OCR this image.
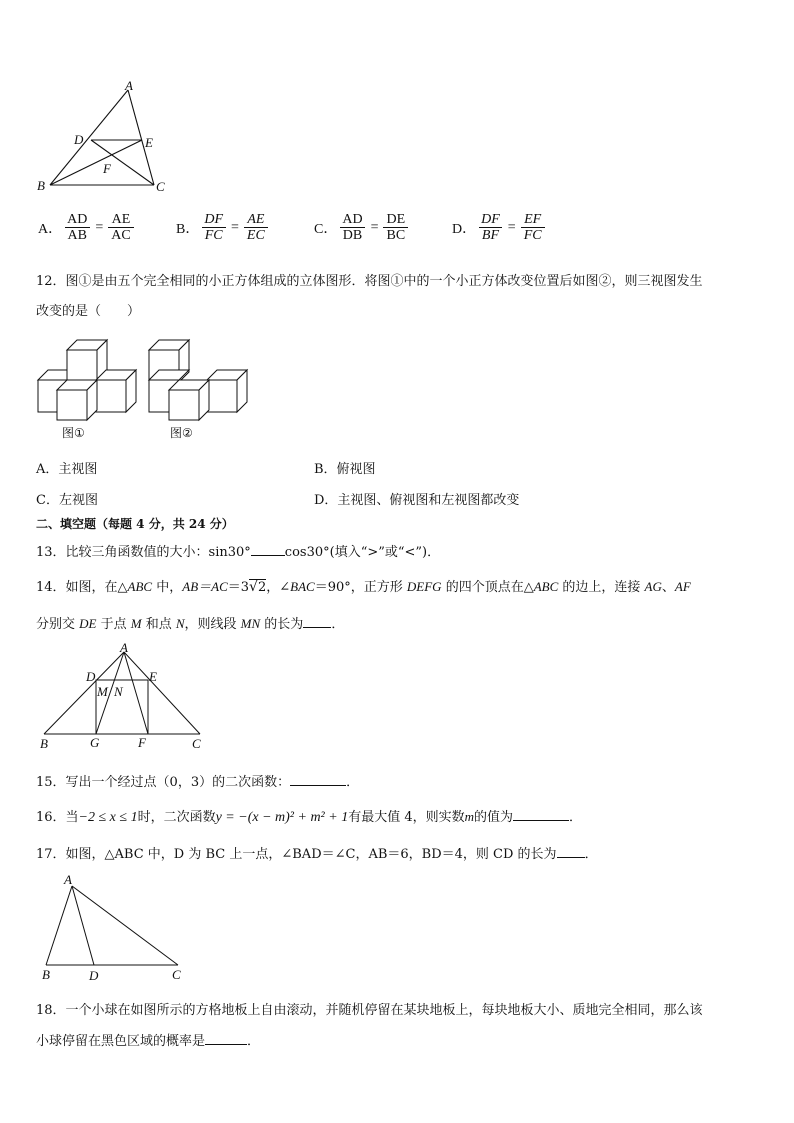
A
D	E
F
B	C
A． $\frac{AD}{AB} = \frac{AE}{AC}$	B． $\frac{DF}{FC} = \frac{AE}{EC}$	C． $\frac{AD}{DB} = \frac{DE}{BC}$	D． $\frac{DF}{BF} = \frac{EF}{FC}$
12．图①是由五个完全相同的小正方体组成的立体图形．将图①中的一个小正方体改变位置后如图②，则三视图发生
改变的是（　　）
图①	图②
A．主视图	B．俯视图
C．左视图	D．主视图、俯视图和左视图都改变
二、填空题（每题 4 分，共 24 分）
13．比较三角函数值的大小：sin30°	cos30°(填入“>”或“<”)．
14．如图，在△ABC 中，AB＝AC＝3√2，∠BAC＝90°，正方形 DEFG 的四个顶点在△ABC 的边上，连接 AG、AF
分别交 DE 于点 M 和点 N，则线段 MN 的长为 ．
A
D	E
M N
B	G	F	C
15．写出一个经过点（0，3）的二次函数：	．
16．当−2 ≤ x ≤ 1时，二次函数y = −(x − m)² + m² + 1有最大值 4，则实数m的值为	．
17．如图，△ABC 中，D 为 BC 上一点，∠BAD＝∠C，AB＝6，BD＝4，则 CD 的长为 ．
A
B	D	C
18．一个小球在如图所示的方格地板上自由滚动，并随机停留在某块地板上，每块地板大小、质地完全相同，那么该
小球停留在黑色区域的概率是	．
